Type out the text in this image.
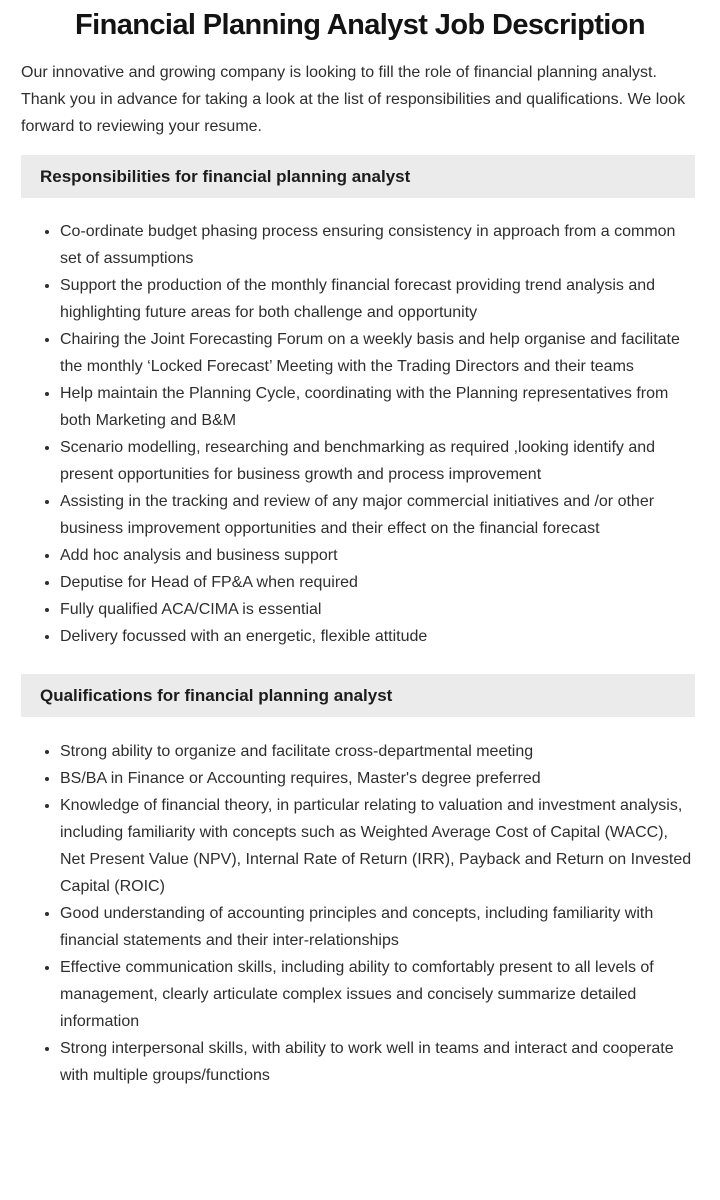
Financial Planning Analyst Job Description

Our innovative and growing company is looking to fill the role of financial planning analyst. Thank you in advance for taking a look at the list of responsibilities and qualifications. We look forward to reviewing your resume.

Responsibilities for financial planning analyst
• Co-ordinate budget phasing process ensuring consistency in approach from a common set of assumptions
• Support the production of the monthly financial forecast providing trend analysis and highlighting future areas for both challenge and opportunity
• Chairing the Joint Forecasting Forum on a weekly basis and help organise and facilitate the monthly ‘Locked Forecast’ Meeting with the Trading Directors and their teams
• Help maintain the Planning Cycle, coordinating with the Planning representatives from both Marketing and B&M
• Scenario modelling, researching and benchmarking as required ,looking identify and present opportunities for business growth and process improvement
• Assisting in the tracking and review of any major commercial initiatives and /or other business improvement opportunities and their effect on the financial forecast
• Add hoc analysis and business support
• Deputise for Head of FP&A when required
• Fully qualified ACA/CIMA is essential
• Delivery focussed with an energetic, flexible attitude
Qualifications for financial planning analyst
• Strong ability to organize and facilitate cross-departmental meeting
• BS/BA in Finance or Accounting requires, Master's degree preferred
• Knowledge of financial theory, in particular relating to valuation and investment analysis, including familiarity with concepts such as Weighted Average Cost of Capital (WACC), Net Present Value (NPV), Internal Rate of Return (IRR), Payback and Return on Invested Capital (ROIC)
• Good understanding of accounting principles and concepts, including familiarity with financial statements and their inter-relationships
• Effective communication skills, including ability to comfortably present to all levels of management, clearly articulate complex issues and concisely summarize detailed information
• Strong interpersonal skills, with ability to work well in teams and interact and cooperate with multiple groups/functions
